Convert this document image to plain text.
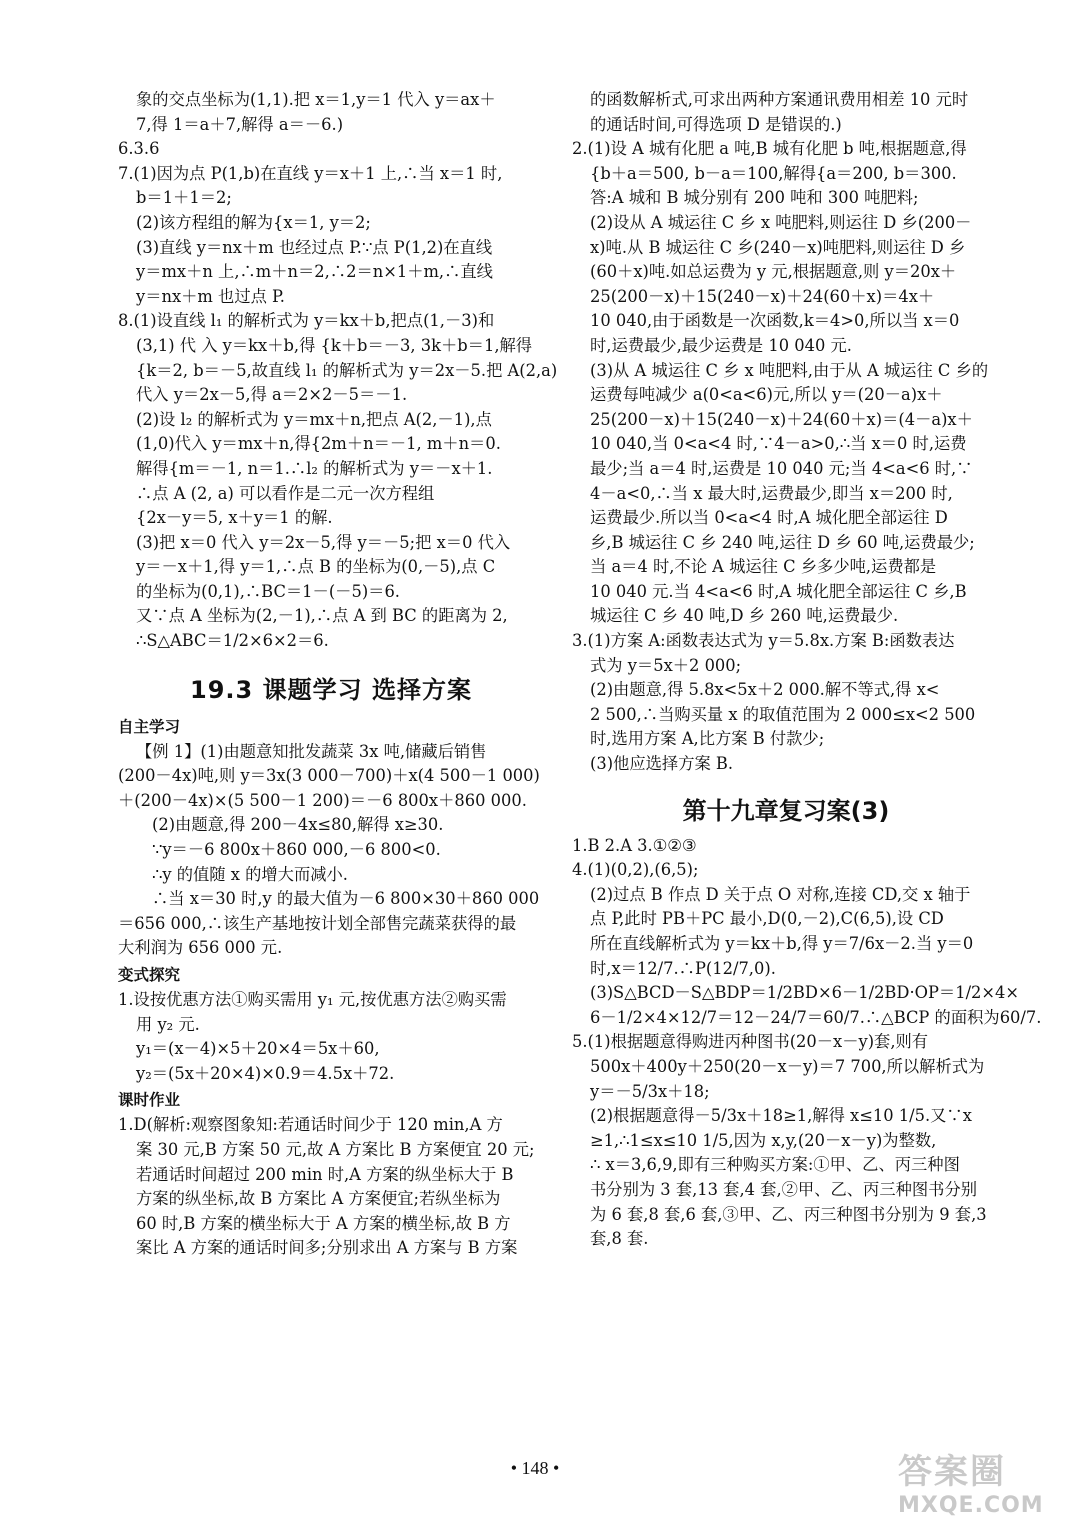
象的交点坐标为(1,1).把 x＝1,y＝1 代入 y＝ax＋
7,得 1＝a＋7,解得 a＝－6.)
6.3.6
7.(1)因为点 P(1,b)在直线 y＝x＋1 上,∴当 x＝1 时,
b＝1＋1＝2;
(2)该方程组的解为{x＝1, y＝2;
(3)直线 y＝nx＋m 也经过点 P.∵点 P(1,2)在直线
y＝mx＋n 上,∴m＋n＝2,∴2＝n×1＋m,∴直线
y＝nx＋m 也过点 P.
8.(1)设直线 l₁ 的解析式为 y＝kx＋b,把点(1,－3)和
(3,1) 代 入 y＝kx＋b,得 {k＋b＝－3, 3k＋b＝1,解得
{k＝2, b＝－5,故直线 l₁ 的解析式为 y＝2x－5.把 A(2,a)
代入 y＝2x－5,得 a＝2×2－5＝－1.
(2)设 l₂ 的解析式为 y＝mx＋n,把点 A(2,－1),点
(1,0)代入 y＝mx＋n,得{2m＋n＝－1, m＋n＝0.
解得{m＝－1, n＝1.∴l₂ 的解析式为 y＝－x＋1.
∴点 A (2, a) 可以看作是二元一次方程组
{2x－y＝5, x＋y＝1 的解.
(3)把 x＝0 代入 y＝2x－5,得 y＝－5;把 x＝0 代入
y＝－x＋1,得 y＝1,∴点 B 的坐标为(0,－5),点 C
的坐标为(0,1),∴BC＝1－(－5)＝6.
又∵点 A 坐标为(2,－1),∴点 A 到 BC 的距离为 2,
∴S△ABC＝1/2×6×2＝6.
19.3 课题学习 选择方案
自主学习
【例 1】(1)由题意知批发蔬菜 3x 吨,储藏后销售
(200－4x)吨,则 y＝3x(3 000－700)＋x(4 500－1 000)
＋(200－4x)×(5 500－1 200)＝－6 800x＋860 000.
(2)由题意,得 200－4x≤80,解得 x≥30.
∵y＝－6 800x＋860 000,－6 800<0.
∴y 的值随 x 的增大而减小.
∴当 x＝30 时,y 的最大值为－6 800×30＋860 000
＝656 000,∴该生产基地按计划全部售完蔬菜获得的最
大利润为 656 000 元.
变式探究
1.设按优惠方法①购买需用 y₁ 元,按优惠方法②购买需
用 y₂ 元.
y₁＝(x－4)×5＋20×4＝5x＋60,
y₂＝(5x＋20×4)×0.9＝4.5x＋72.
课时作业
1.D(解析:观察图象知:若通话时间少于 120 min,A 方
案 30 元,B 方案 50 元,故 A 方案比 B 方案便宜 20 元;
若通话时间超过 200 min 时,A 方案的纵坐标大于 B
方案的纵坐标,故 B 方案比 A 方案便宜;若纵坐标为
60 时,B 方案的横坐标大于 A 方案的横坐标,故 B 方
案比 A 方案的通话时间多;分别求出 A 方案与 B 方案
的函数解析式,可求出两种方案通讯费用相差 10 元时
的通话时间,可得选项 D 是错误的.)
2.(1)设 A 城有化肥 a 吨,B 城有化肥 b 吨,根据题意,得
{b＋a＝500, b－a＝100,解得{a＝200, b＝300.
答:A 城和 B 城分别有 200 吨和 300 吨肥料;
(2)设从 A 城运往 C 乡 x 吨肥料,则运往 D 乡(200－
x)吨.从 B 城运往 C 乡(240－x)吨肥料,则运往 D 乡
(60＋x)吨.如总运费为 y 元,根据题意,则 y＝20x＋
25(200－x)＋15(240－x)＋24(60＋x)＝4x＋
10 040,由于函数是一次函数,k＝4>0,所以当 x＝0
时,运费最少,最少运费是 10 040 元.
(3)从 A 城运往 C 乡 x 吨肥料,由于从 A 城运往 C 乡的
运费每吨减少 a(0<a<6)元,所以 y＝(20－a)x＋
25(200－x)＋15(240－x)＋24(60＋x)＝(4－a)x＋
10 040,当 0<a<4 时,∵4－a>0,∴当 x＝0 时,运费
最少;当 a＝4 时,运费是 10 040 元;当 4<a<6 时,∵
4－a<0,∴当 x 最大时,运费最少,即当 x＝200 时,
运费最少.所以当 0<a<4 时,A 城化肥全部运往 D
乡,B 城运往 C 乡 240 吨,运往 D 乡 60 吨,运费最少;
当 a＝4 时,不论 A 城运往 C 乡多少吨,运费都是
10 040 元.当 4<a<6 时,A 城化肥全部运往 C 乡,B
城运往 C 乡 40 吨,D 乡 260 吨,运费最少.
3.(1)方案 A:函数表达式为 y＝5.8x.方案 B:函数表达
式为 y＝5x＋2 000;
(2)由题意,得 5.8x<5x＋2 000.解不等式,得 x<
2 500,∴当购买量 x 的取值范围为 2 000≤x<2 500
时,选用方案 A,比方案 B 付款少;
(3)他应选择方案 B.
第十九章复习案(3)
1.B 2.A 3.①②③
4.(1)(0,2),(6,5);
(2)过点 B 作点 D 关于点 O 对称,连接 CD,交 x 轴于
点 P,此时 PB＋PC 最小,D(0,－2),C(6,5),设 CD
所在直线解析式为 y＝kx＋b,得 y＝7/6x－2.当 y＝0
时,x＝12/7.∴P(12/7,0).
(3)S△BCD－S△BDP＝1/2BD×6－1/2BD·OP＝1/2×4×
6－1/2×4×12/7＝12－24/7＝60/7.∴△BCP 的面积为60/7.
5.(1)根据题意得购进丙种图书(20－x－y)套,则有
500x＋400y＋250(20－x－y)＝7 700,所以解析式为
y＝－5/3x＋18;
(2)根据题意得－5/3x＋18≥1,解得 x≤10 1/5.又∵x
≥1,∴1≤x≤10 1/5,因为 x,y,(20－x－y)为整数,
∴ x＝3,6,9,即有三种购买方案:①甲、乙、丙三种图
书分别为 3 套,13 套,4 套,②甲、乙、丙三种图书分别
为 6 套,8 套,6 套,③甲、乙、丙三种图书分别为 9 套,3
套,8 套.
• 148 •	答案圈
MXQE.COM
